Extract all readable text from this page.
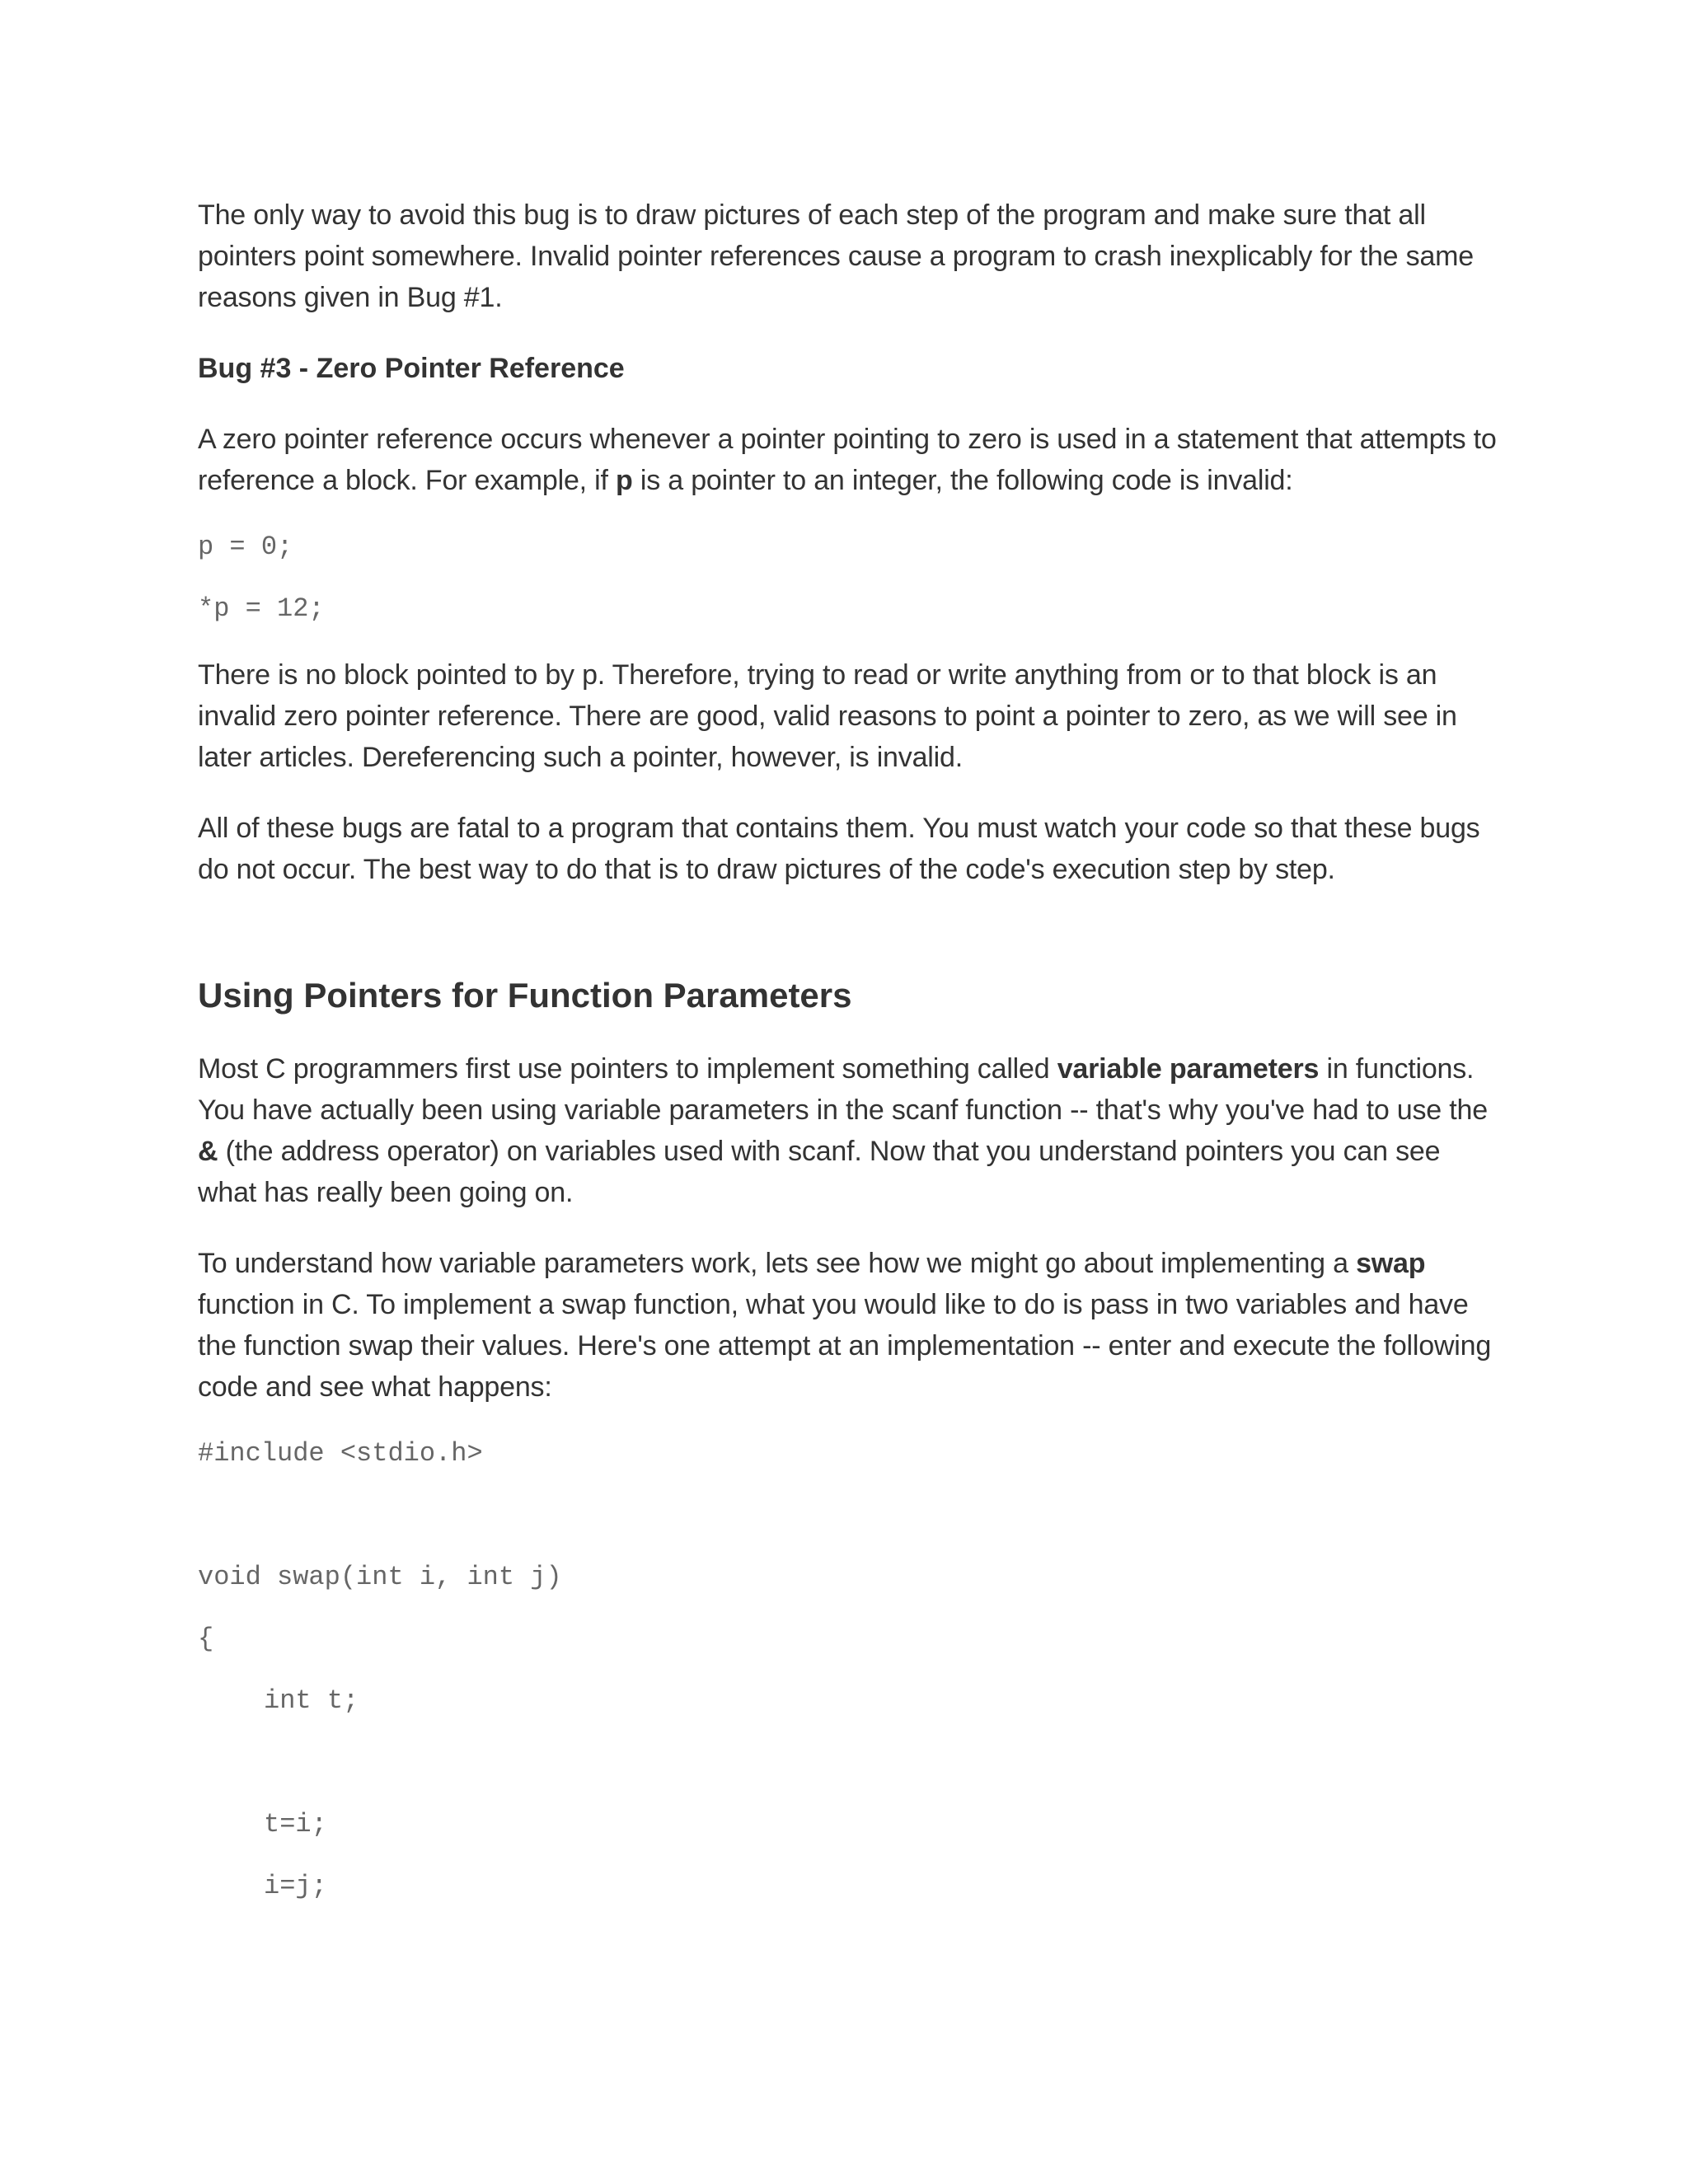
The only way to avoid this bug is to draw pictures of each step of the program and make sure that all pointers point somewhere. Invalid pointer references cause a program to crash inexplicably for the same reasons given in Bug #1.

Bug #3 - Zero Pointer Reference

A zero pointer reference occurs whenever a pointer pointing to zero is used in a statement that attempts to reference a block. For example, if p is a pointer to an integer, the following code is invalid:

p = 0;
*p = 12;

There is no block pointed to by p. Therefore, trying to read or write anything from or to that block is an invalid zero pointer reference. There are good, valid reasons to point a pointer to zero, as we will see in later articles. Dereferencing such a pointer, however, is invalid.

All of these bugs are fatal to a program that contains them. You must watch your code so that these bugs do not occur. The best way to do that is to draw pictures of the code's execution step by step.

Using Pointers for Function Parameters

Most C programmers first use pointers to implement something called variable parameters in functions. You have actually been using variable parameters in the scanf function -- that's why you've had to use the & (the address operator) on variables used with scanf. Now that you understand pointers you can see what has really been going on.

To understand how variable parameters work, lets see how we might go about implementing a swap function in C. To implement a swap function, what you would like to do is pass in two variables and have the function swap their values. Here's one attempt at an implementation -- enter and execute the following code and see what happens:

#include <stdio.h>
void swap(int i, int j)
{
int t;
t=i;
i=j;
